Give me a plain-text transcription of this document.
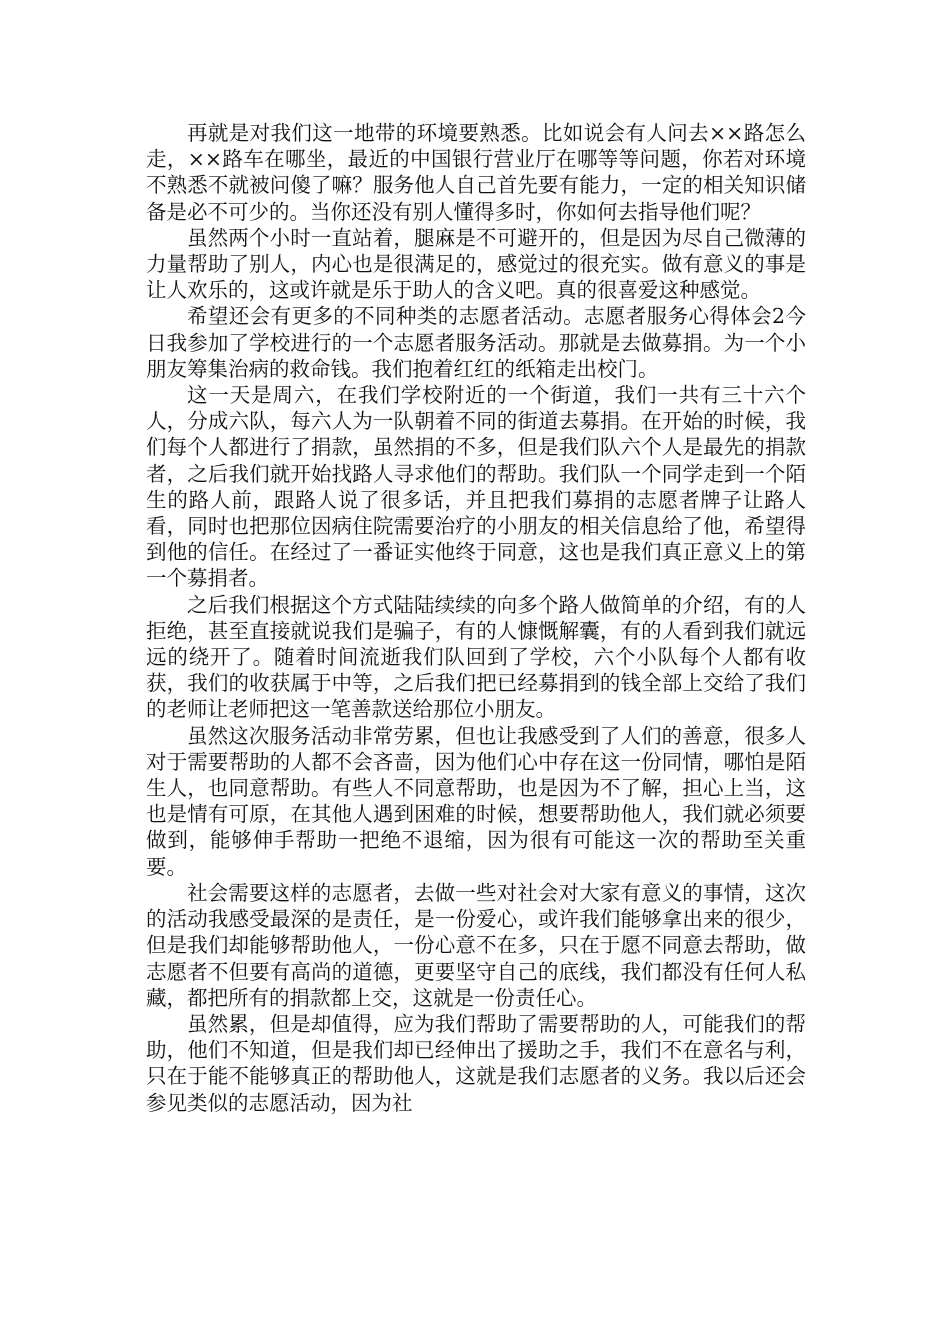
再就是对我们这一地带的环境要熟悉。比如说会有人问去××路怎么走，××路车在哪坐，最近的中国银行营业厅在哪等等问题，你若对环境不熟悉不就被问傻了嘛？服务他人自己首先要有能力，一定的相关知识储备是必不可少的。当你还没有别人懂得多时，你如何去指导他们呢？

虽然两个小时一直站着，腿麻是不可避开的，但是因为尽自己微薄的力量帮助了别人，内心也是很满足的，感觉过的很充实。做有意义的事是让人欢乐的，这或许就是乐于助人的含义吧。真的很喜爱这种感觉。

希望还会有更多的不同种类的志愿者活动。志愿者服务心得体会2今日我参加了学校进行的一个志愿者服务活动。那就是去做募捐。为一个小朋友筹集治病的救命钱。我们抱着红红的纸箱走出校门。

这一天是周六，在我们学校附近的一个街道，我们一共有三十六个人，分成六队，每六人为一队朝着不同的街道去募捐。在开始的时候，我们每个人都进行了捐款，虽然捐的不多，但是我们队六个人是最先的捐款者，之后我们就开始找路人寻求他们的帮助。我们队一个同学走到一个陌生的路人前，跟路人说了很多话，并且把我们募捐的志愿者牌子让路人看，同时也把那位因病住院需要治疗的小朋友的相关信息给了他，希望得到他的信任。在经过了一番证实他终于同意，这也是我们真正意义上的第一个募捐者。

之后我们根据这个方式陆陆续续的向多个路人做简单的介绍，有的人拒绝，甚至直接就说我们是骗子，有的人慷慨解囊，有的人看到我们就远远的绕开了。随着时间流逝我们队回到了学校，六个小队每个人都有收获，我们的收获属于中等，之后我们把已经募捐到的钱全部上交给了我们的老师让老师把这一笔善款送给那位小朋友。

虽然这次服务活动非常劳累，但也让我感受到了人们的善意，很多人对于需要帮助的人都不会吝啬，因为他们心中存在这一份同情，哪怕是陌生人，也同意帮助。有些人不同意帮助，也是因为不了解，担心上当，这也是情有可原，在其他人遇到困难的时候，想要帮助他人，我们就必须要做到，能够伸手帮助一把绝不退缩，因为很有可能这一次的帮助至关重要。

社会需要这样的志愿者，去做一些对社会对大家有意义的事情，这次的活动我感受最深的是责任，是一份爱心，或许我们能够拿出来的很少，但是我们却能够帮助他人，一份心意不在多，只在于愿不同意去帮助，做志愿者不但要有高尚的道德，更要坚守自己的底线，我们都没有任何人私藏，都把所有的捐款都上交，这就是一份责任心。

虽然累，但是却值得，应为我们帮助了需要帮助的人，可能我们的帮助，他们不知道，但是我们却已经伸出了援助之手，我们不在意名与利，只在于能不能够真正的帮助他人，这就是我们志愿者的义务。我以后还会参见类似的志愿活动，因为社
